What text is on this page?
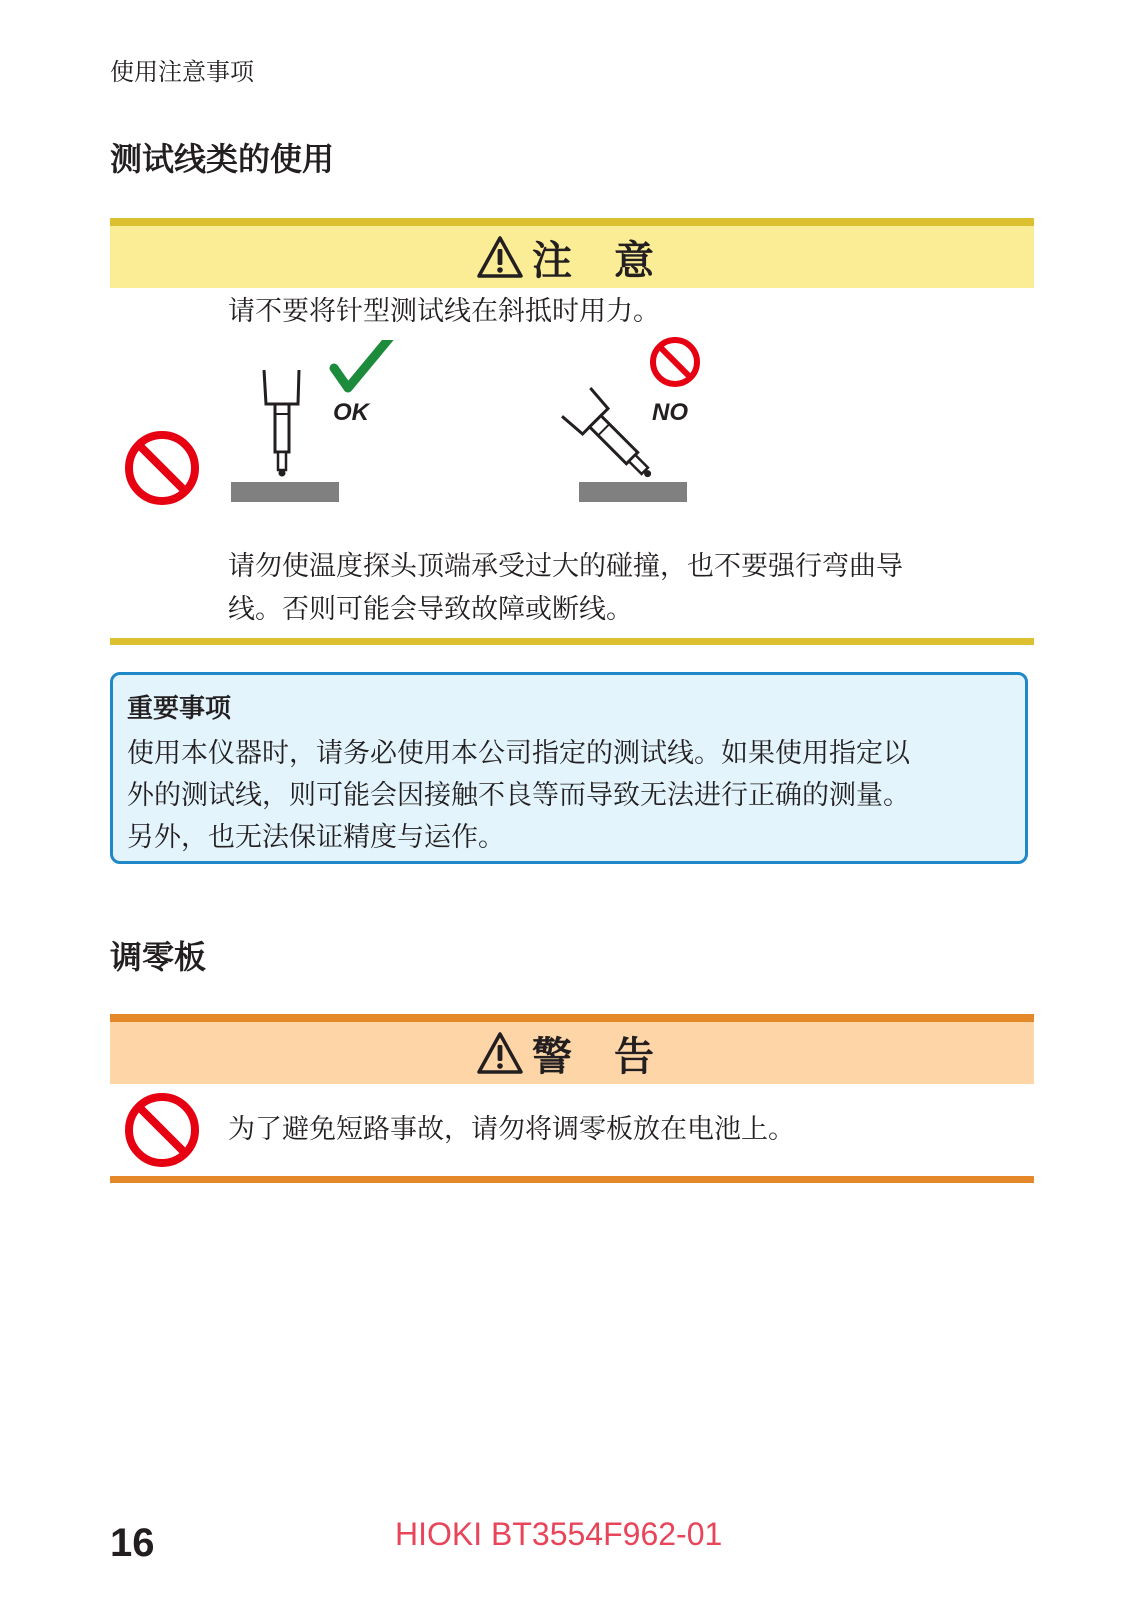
使用注意事项
测试线类的使用
注 意
请不要将针型测试线在斜抵时用力。
OK	NO
请勿使温度探头顶端承受过大的碰撞，也不要强行弯曲导
线。否则可能会导致故障或断线。
重要事项
使用本仪器时，请务必使用本公司指定的测试线。如果使用指定以
外的测试线，则可能会因接触不良等而导致无法进行正确的测量。
另外，也无法保证精度与运作。
调零板
警 告
为了避免短路事故，请勿将调零板放在电池上。
16	HIOKI BT3554F962-01
